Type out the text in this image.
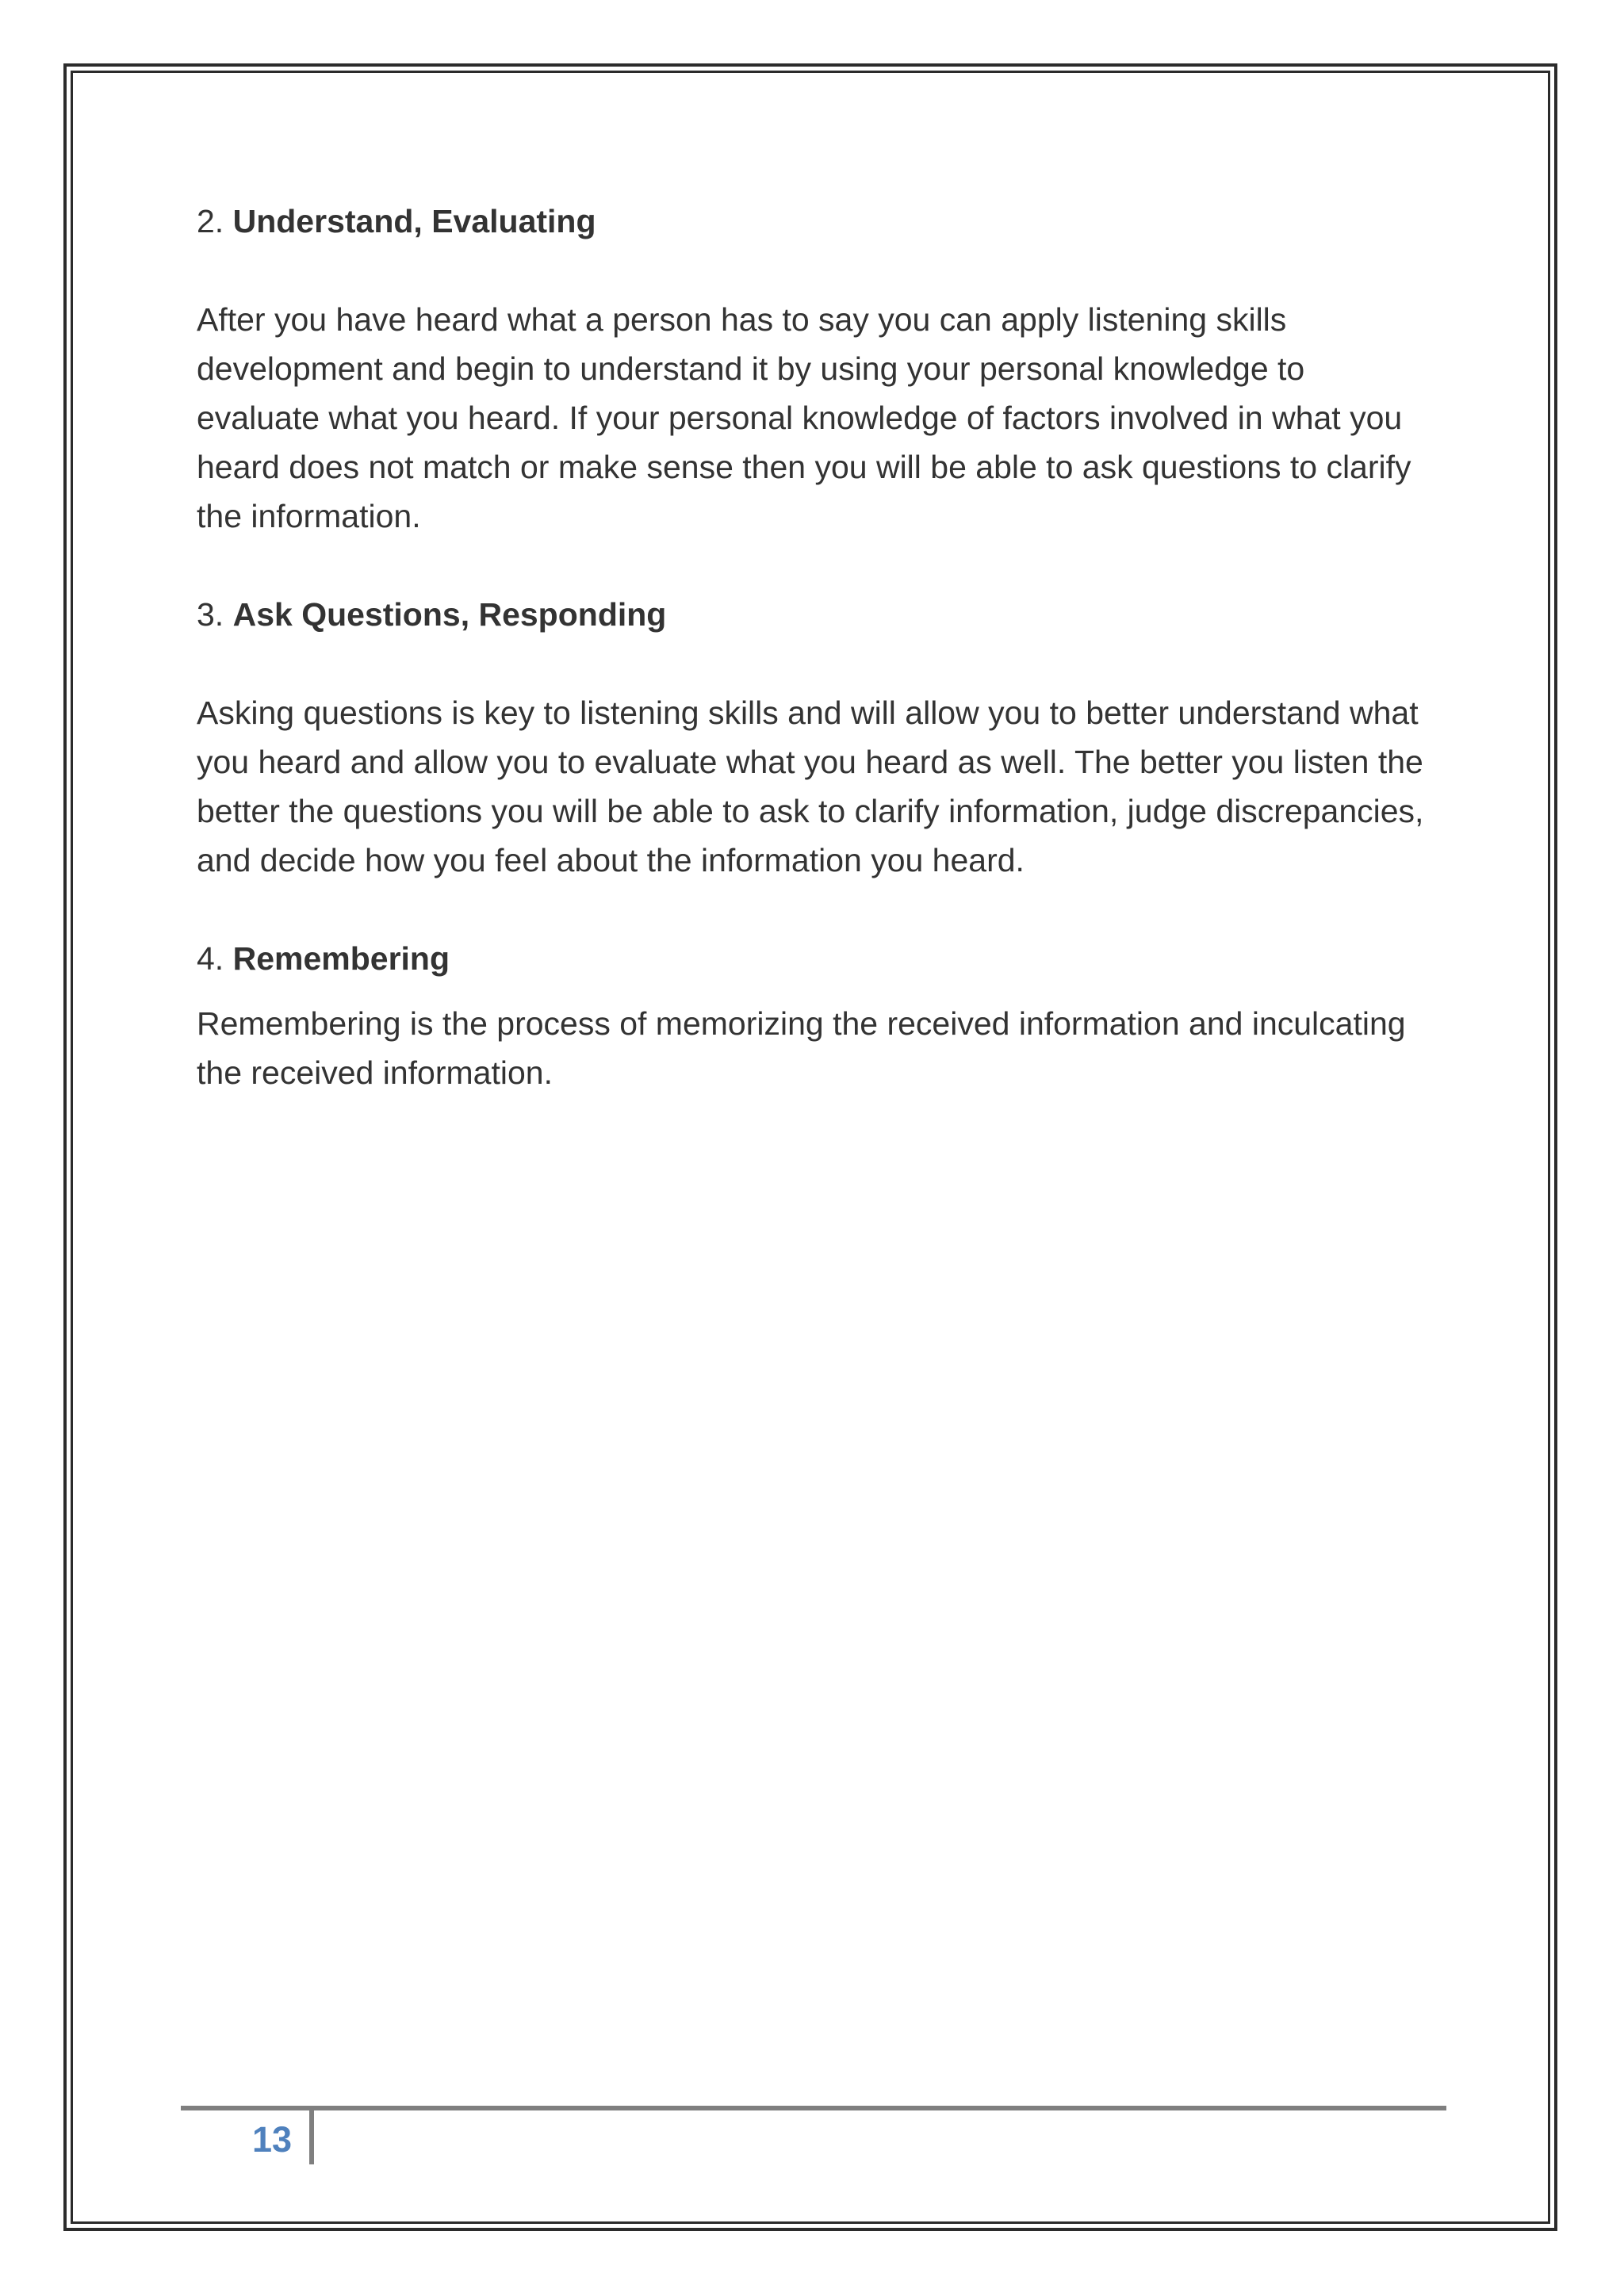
2. Understand, Evaluating

After you have heard what a person has to say you can apply listening skills development and begin to understand it by using your personal knowledge to evaluate what you heard. If your personal knowledge of factors involved in what you heard does not match or make sense then you will be able to ask questions to clarify the information.

3. Ask Questions, Responding

Asking questions is key to listening skills and will allow you to better understand what you heard and allow you to evaluate what you heard as well. The better you listen the better the questions you will be able to ask to clarify information, judge discrepancies, and decide how you feel about the information you heard.

4. Remembering

Remembering is the process of memorizing the received information and inculcating the received information.

13
